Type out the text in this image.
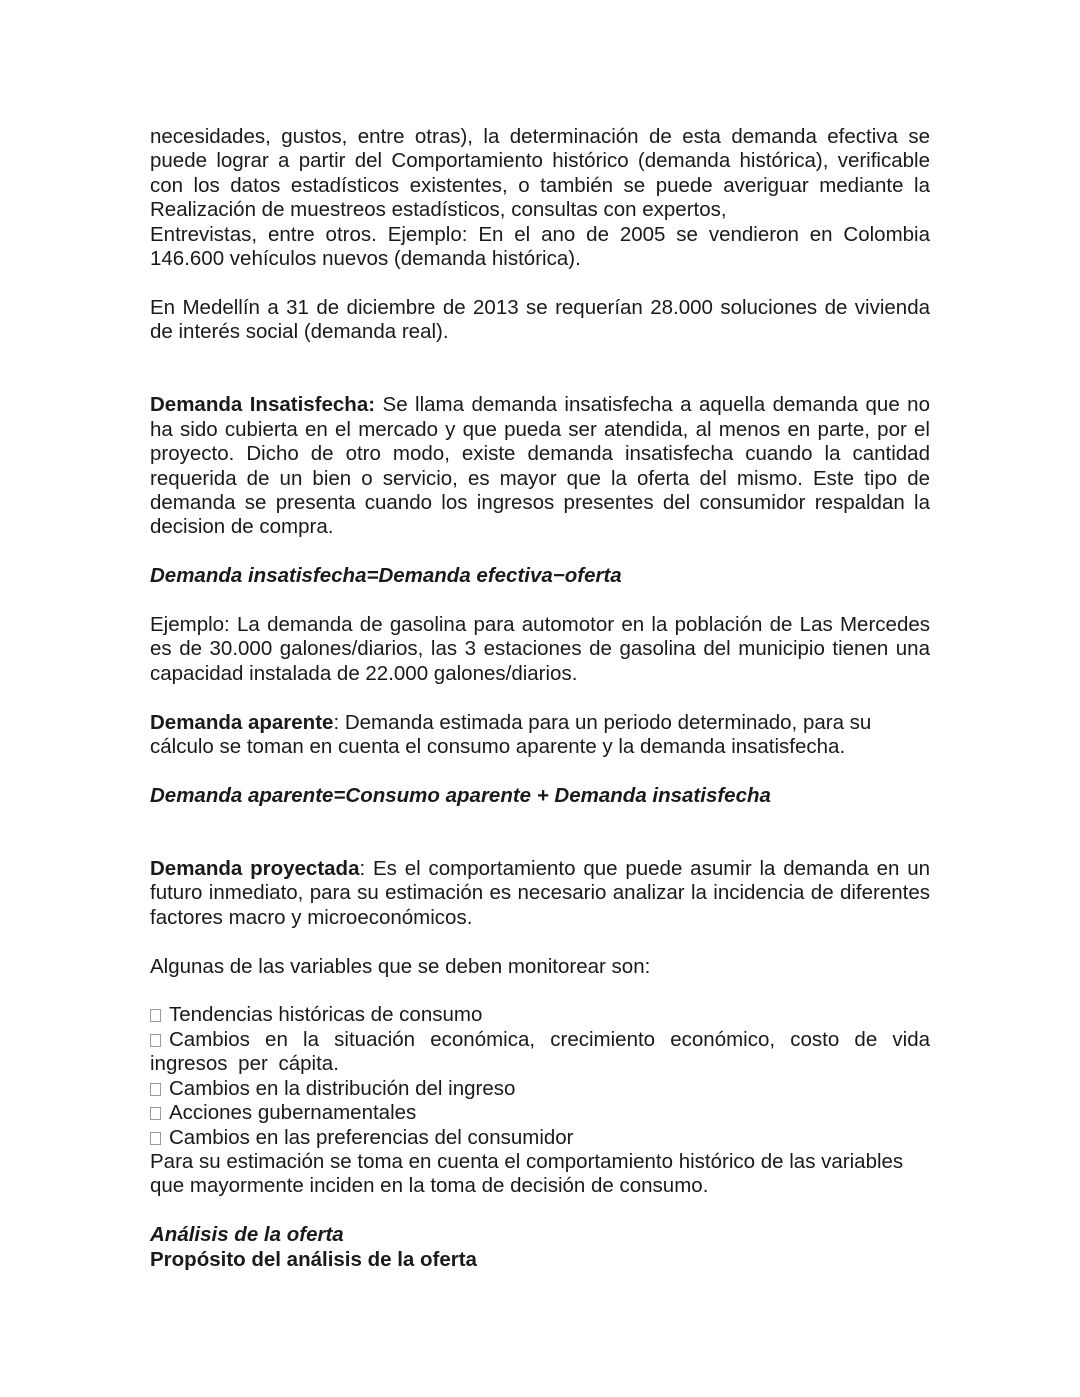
necesidades, gustos, entre otras), la determinación de esta demanda efectiva se puede lograr a partir del Comportamiento histórico (demanda histórica), verificable con los datos estadísticos existentes, o también se puede averiguar mediante la Realización de muestreos estadísticos, consultas con expertos,

Entrevistas, entre otros. Ejemplo: En el ano de 2005 se vendieron en Colombia 146.600 vehículos nuevos (demanda histórica).

En Medellín a 31 de diciembre de 2013 se requerían 28.000 soluciones de vivienda de interés social (demanda real).

Demanda Insatisfecha: Se llama demanda insatisfecha a aquella demanda que no ha sido cubierta en el mercado y que pueda ser atendida, al menos en parte, por el proyecto. Dicho de otro modo, existe demanda insatisfecha cuando la cantidad requerida de un bien o servicio, es mayor que la oferta del mismo. Este tipo de demanda se presenta cuando los ingresos presentes del consumidor respaldan la decision de compra.

Demanda insatisfecha=Demanda efectiva−oferta

Ejemplo: La demanda de gasolina para automotor en la población de Las Mercedes es de 30.000 galones/diarios, las 3 estaciones de gasolina del municipio tienen una capacidad instalada de 22.000 galones/diarios.

Demanda aparente: Demanda estimada para un periodo determinado, para su cálculo se toman en cuenta el consumo aparente y la demanda insatisfecha.

Demanda aparente=Consumo aparente + Demanda insatisfecha

Demanda proyectada: Es el comportamiento que puede asumir la demanda en un futuro inmediato, para su estimación es necesario analizar la incidencia de diferentes factores macro y microeconómicos.

Algunas de las variables que se deben monitorear son:

Tendencias históricas de consumo

Cambios en la situación económica, crecimiento económico, costo de vida ingresos per cápita.

Cambios en la distribución del ingreso

Acciones gubernamentales

Cambios en las preferencias del consumidor

Para su estimación se toma en cuenta el comportamiento histórico de las variables que mayormente inciden en la toma de decisión de consumo.

Análisis de la oferta

Propósito del análisis de la oferta
